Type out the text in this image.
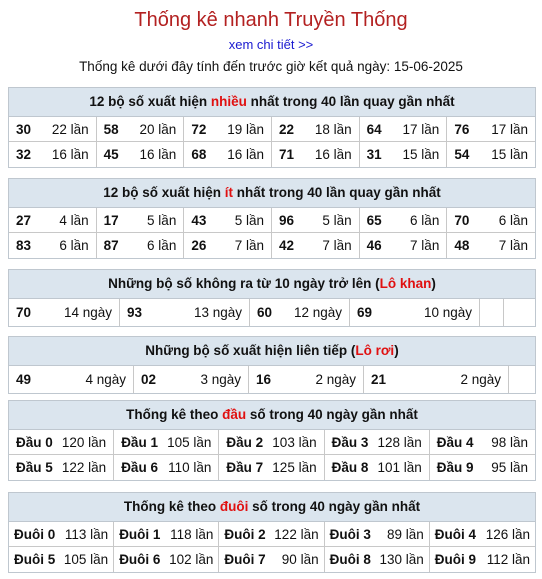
Thống kê nhanh Truyền Thống
xem chi tiết >>
Thống kê dưới đây tính đến trước giờ kết quả ngày: 15-06-2025
12 bộ số xuất hiện nhiều nhất trong 40 lần quay gần nhất
30 22 lần 58 20 lần 72 19 lần 22 18 lần 64 17 lần 76 17 lần
32 16 lần 45 16 lần 68 16 lần 71 16 lần 31 15 lần 54 15 lần
12 bộ số xuất hiện ít nhất trong 40 lần quay gần nhất
27 4 lần 17 5 lần 43 5 lần 96 5 lần 65 6 lần 70 6 lần
83 6 lần 87 6 lần 26 7 lần 42 7 lần 46 7 lần 48 7 lần
Những bộ số không ra từ 10 ngày trở lên (Lô khan)
70 14 ngày 93	13 ngày 60 12 ngày 69	10 ngày
Những bộ số xuất hiện liên tiếp (Lô rơi)
49	4 ngày 02	3 ngày 16	2 ngày 21	2 ngày
Thống kê theo đầu số trong 40 ngày gần nhất
Đầu 0 120 lần Đầu 1 105 lần Đầu 2 103 lần Đầu 3 128 lần Đầu 4 98 lần
Đầu 5 122 lần Đầu 6 110 lần Đầu 7 125 lần Đầu 8 101 lần Đầu 9 95 lần
Thống kê theo đuôi số trong 40 ngày gần nhất
Đuôi 0 113 lần Đuôi 1 118 lần Đuôi 2 122 lần Đuôi 3 89 lần Đuôi 4 126 lần
Đuôi 5 105 lần Đuôi 6 102 lần Đuôi 7 90 lần Đuôi 8 130 lần Đuôi 9 112 lần
